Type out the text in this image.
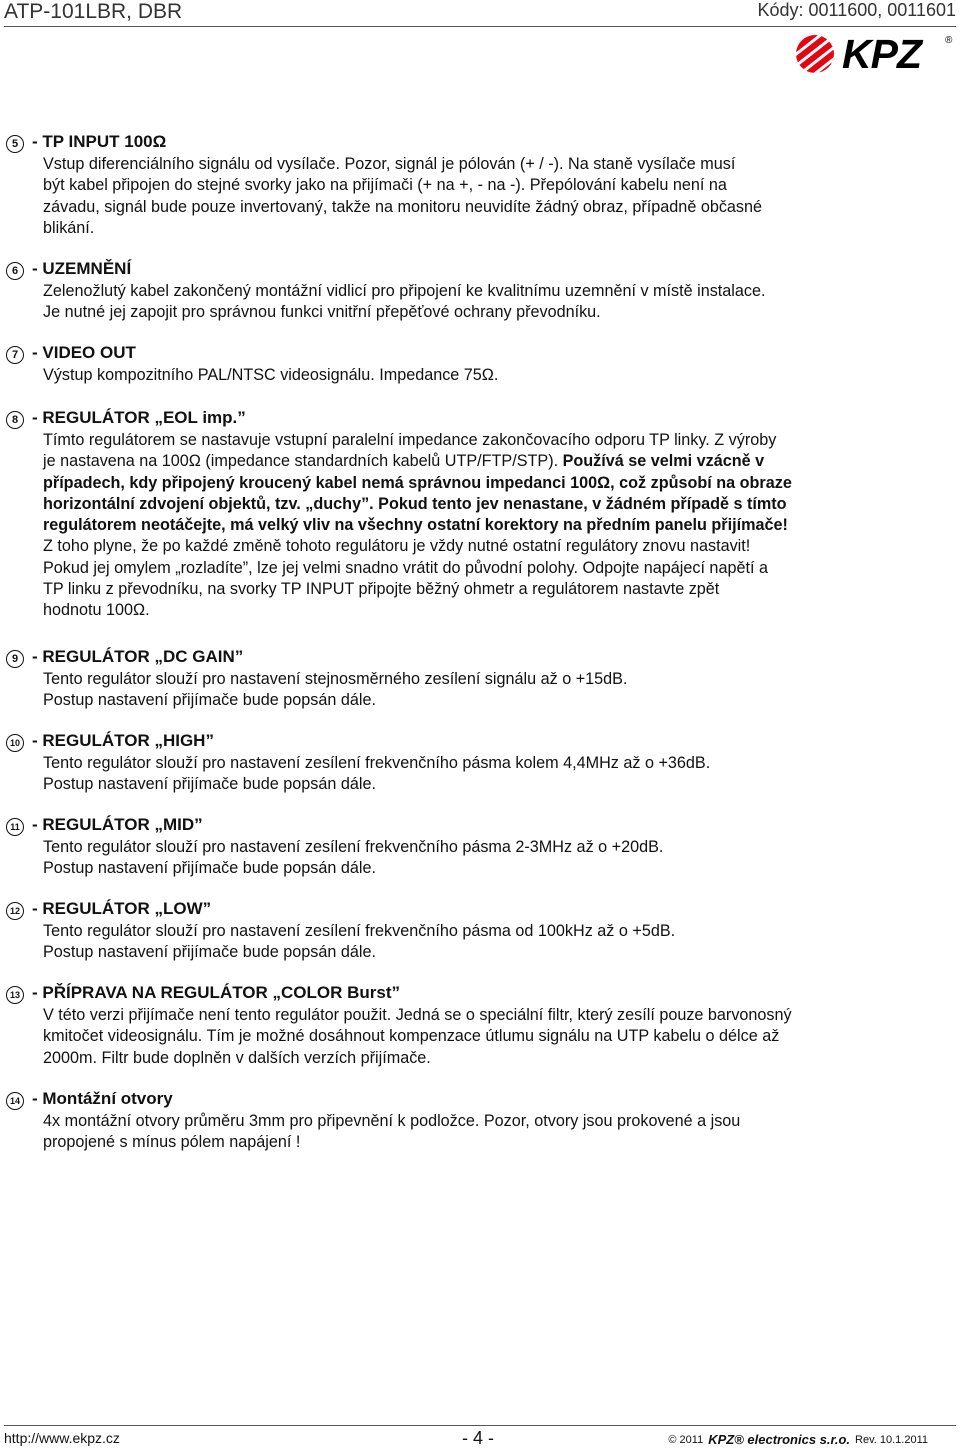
ATP-101LBR, DBR	Kódy: 0011600, 0011601
KPZ ®
5 - TP INPUT 100Ω
Vstup diferenciálního signálu od vysílače. Pozor, signál je pólován (+ / -). Na staně vysílače musí
být kabel připojen do stejné svorky jako na přijímači (+ na +, - na -). Přepólování kabelu není na
závadu, signál bude pouze invertovaný, takže na monitoru neuvidíte žádný obraz, případně občasné
blikání.
6 - UZEMNĚNÍ
Zelenožlutý kabel zakončený montážní vidlicí pro připojení ke kvalitnímu uzemnění v místě instalace.
Je nutné jej zapojit pro správnou funkci vnitřní přepěťové ochrany převodníku.
7 - VIDEO OUT
Výstup kompozitního PAL/NTSC videosignálu. Impedance 75Ω.
8 - REGULÁTOR „EOL imp.”
Tímto regulátorem se nastavuje vstupní paralelní impedance zakončovacího odporu TP linky. Z výroby
je nastavena na 100Ω (impedance standardních kabelů UTP/FTP/STP). Používá se velmi vzácně v
případech, kdy připojený kroucený kabel nemá správnou impedanci 100Ω, což způsobí na obraze
horizontální zdvojení objektů, tzv. „duchy”. Pokud tento jev nenastane, v žádném případě s tímto
regulátorem neotáčejte, má velký vliv na všechny ostatní korektory na předním panelu přijímače!
Z toho plyne, že po každé změně tohoto regulátoru je vždy nutné ostatní regulátory znovu nastavit!
Pokud jej omylem „rozladíte”, lze jej velmi snadno vrátit do původní polohy. Odpojte napájecí napětí a
TP linku z převodníku, na svorky TP INPUT připojte běžný ohmetr a regulátorem nastavte zpět
hodnotu 100Ω.
9 - REGULÁTOR „DC GAIN”
Tento regulátor slouží pro nastavení stejnosměrného zesílení signálu až o +15dB.
Postup nastavení přijímače bude popsán dále.
10 - REGULÁTOR „HIGH”
Tento regulátor slouží pro nastavení zesílení frekvenčního pásma kolem 4,4MHz až o +36dB.
Postup nastavení přijímače bude popsán dále.
11 - REGULÁTOR „MID”
Tento regulátor slouží pro nastavení zesílení frekvenčního pásma 2-3MHz až o +20dB.
Postup nastavení přijímače bude popsán dále.
12 - REGULÁTOR „LOW”
Tento regulátor slouží pro nastavení zesílení frekvenčního pásma od 100kHz až o +5dB.
Postup nastavení přijímače bude popsán dále.
13 - PŘÍPRAVA NA REGULÁTOR „COLOR Burst”
V této verzi přijímače není tento regulátor použit. Jedná se o speciální filtr, který zesílí pouze barvonosný
kmitočet videosignálu. Tím je možné dosáhnout kompenzace útlumu signálu na UTP kabelu o délce až
2000m. Filtr bude doplněn v dalších verzích přijímače.
14 - Montážní otvory
4x montážní otvory průměru 3mm pro připevnění k podložce. Pozor, otvory jsou prokovené a jsou
propojené s mínus pólem napájení !
http://www.ekpz.cz	- 4 -	© 2011 KPZ® electronics s.r.o. Rev. 10.1.2011
